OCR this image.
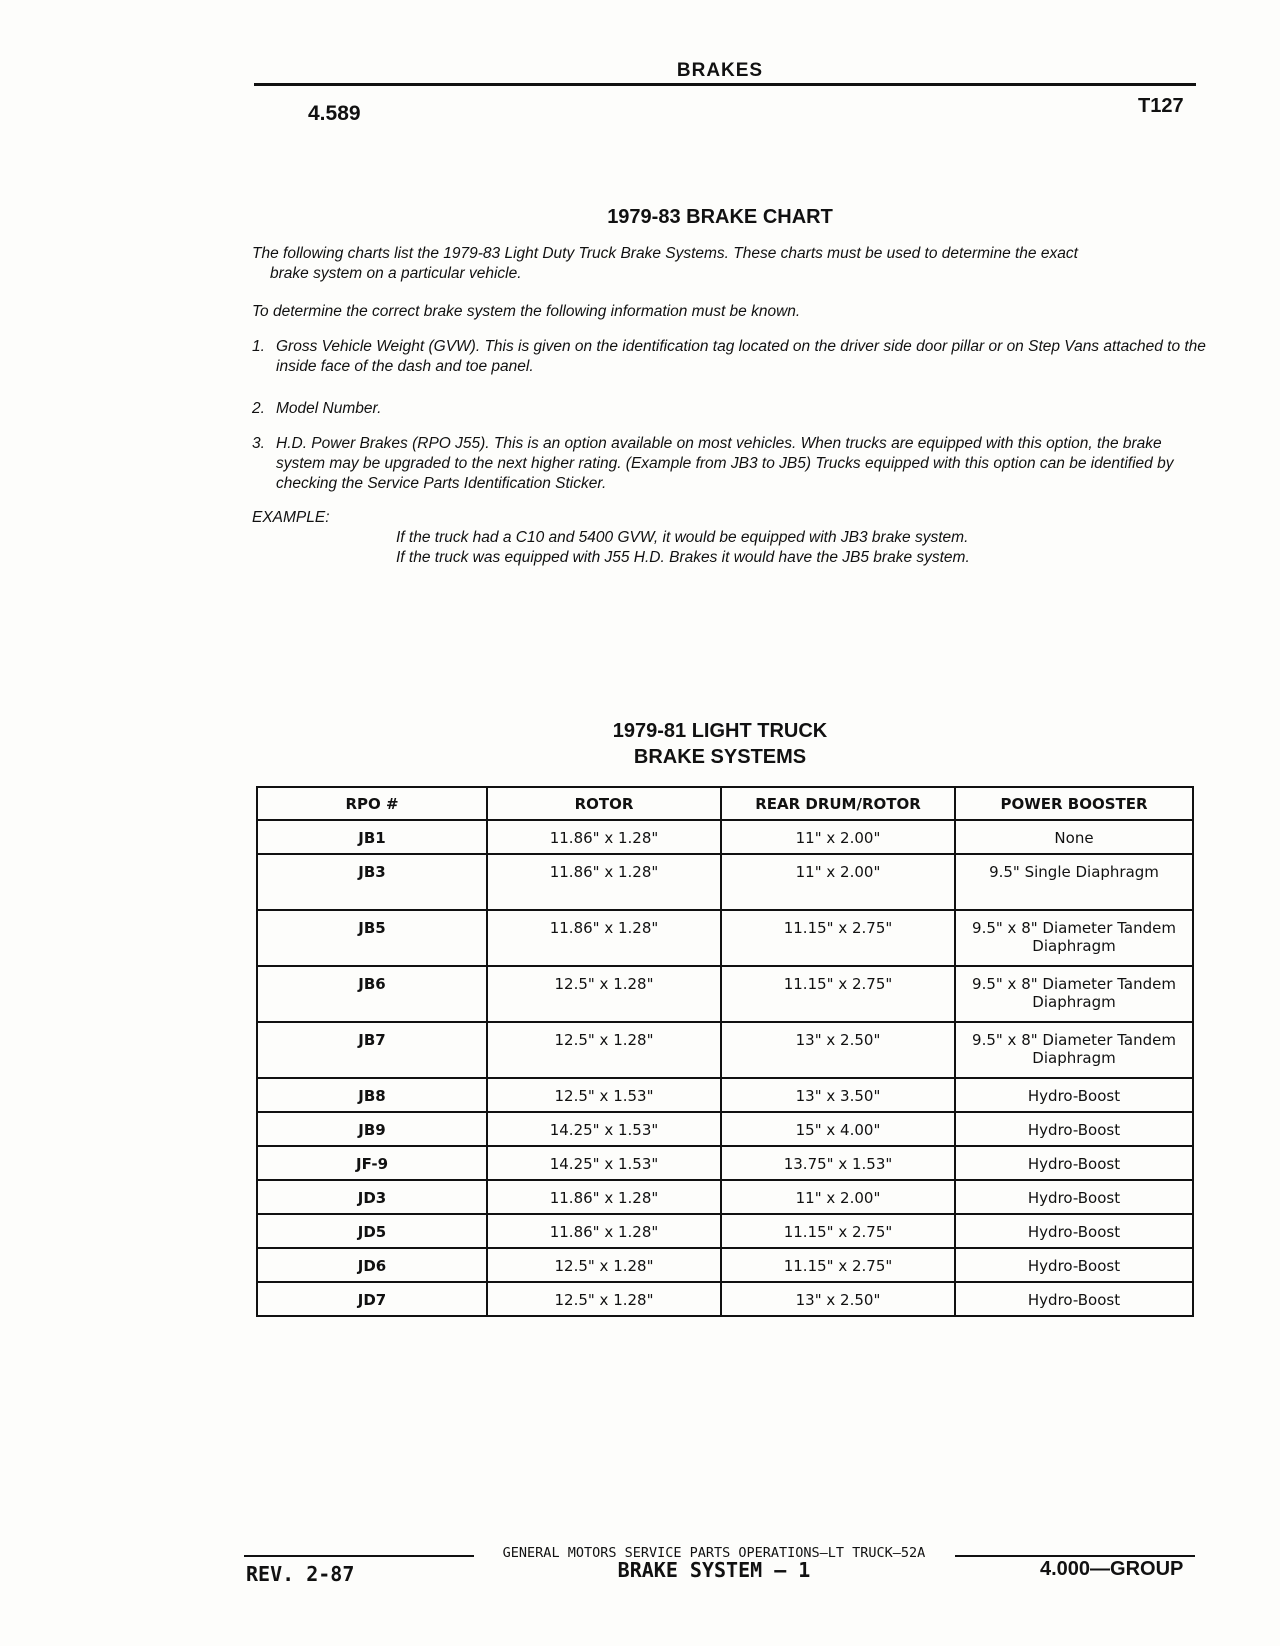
BRAKES
4.589	T127
1979-83 BRAKE CHART
The following charts list the 1979-83 Light Duty Truck Brake Systems. These charts must be used to determine the exact
brake system on a particular vehicle.
To determine the correct brake system the following information must be known.
1. Gross Vehicle Weight (GVW). This is given on the identification tag located on the driver side door pillar or on Step Vans attached to the inside face of the dash and toe panel.
2. Model Number.
3. H.D. Power Brakes (RPO J55). This is an option available on most vehicles. When trucks are equipped with this option, the brake system may be upgraded to the next higher rating. (Example from JB3 to JB5) Trucks equipped with this option can be identified by checking the Service Parts Identification Sticker.
EXAMPLE:
If the truck had a C10 and 5400 GVW, it would be equipped with JB3 brake system.
If the truck was equipped with J55 H.D. Brakes it would have the JB5 brake system.
1979-81 LIGHT TRUCK
BRAKE SYSTEMS
RPO #	ROTOR	REAR DRUM/ROTOR	POWER BOOSTER
JB1	11.86" x 1.28"	11" x 2.00"	None
JB3	11.86" x 1.28"	11" x 2.00"	9.5" Single Diaphragm
JB5	11.86" x 1.28"	11.15" x 2.75"	9.5" x 8" Diameter Tandem Diaphragm
JB6	12.5" x 1.28"	11.15" x 2.75"	9.5" x 8" Diameter Tandem Diaphragm
JB7	12.5" x 1.28"	13" x 2.50"	9.5" x 8" Diameter Tandem Diaphragm
JB8	12.5" x 1.53"	13" x 3.50"	Hydro-Boost
JB9	14.25" x 1.53"	15" x 4.00"	Hydro-Boost
JF-9	14.25" x 1.53"	13.75" x 1.53"	Hydro-Boost
JD3	11.86" x 1.28"	11" x 2.00"	Hydro-Boost
JD5	11.86" x 1.28"	11.15" x 2.75"	Hydro-Boost
JD6	12.5" x 1.28"	11.15" x 2.75"	Hydro-Boost
JD7	12.5" x 1.28"	13" x 2.50"	Hydro-Boost
GENERAL MOTORS SERVICE PARTS OPERATIONS—LT TRUCK—52A
REV. 2-87	BRAKE SYSTEM — 1	4.000—GROUP
